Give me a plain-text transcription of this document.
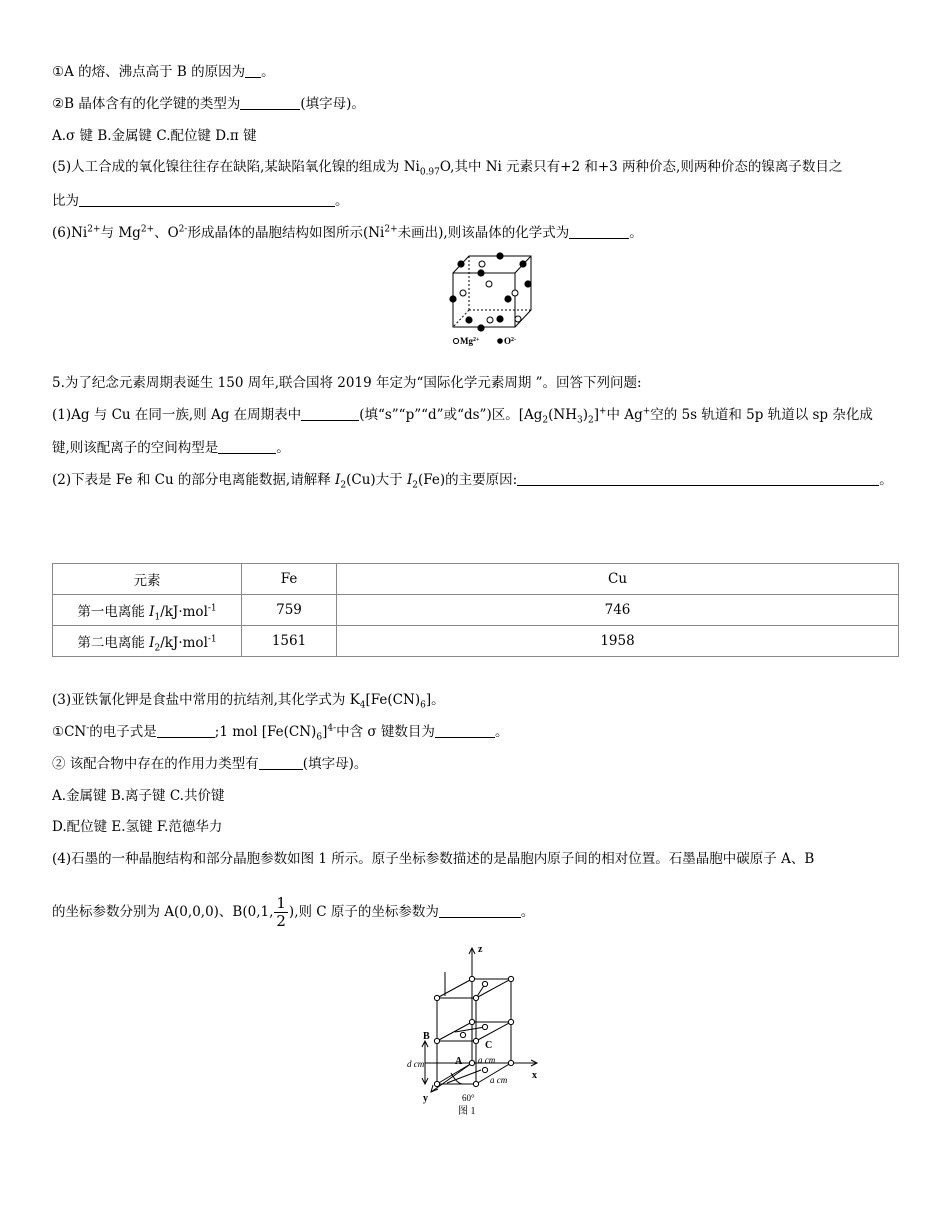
①A 的熔、沸点高于 B 的原因为 。
②B 晶体含有的化学键的类型为	(填字母)。
A.σ 键 B.金属键 C.配位键 D.π 键
(5)人工合成的氧化镍往往存在缺陷,某缺陷氧化镍的组成为 $Ni_{0.97}O$,其中 Ni 元素只有+2 和+3 两种价态,则两种价态的镍离子数目之
比为	。
$(6)Ni^{2+}$与 $Mg^{2+}$、$O^{2-}$形成晶体的晶胞结构如图所示($Ni^{2+}$未画出),则该晶体的化学式为	。
$Mg^{2+}$	$O^{2-}$
5.为了纪念元素周期表诞生 150 周年,联合国将 2019 年定为“国际化学元素周期 ”。回答下列问题:
(1)Ag 与 Cu 在同一族,则 Ag 在周期表中	(填“s”“p”“d”或“ds”)区。$[Ag_2(NH_3)_2]^+$中 Ag+空的 5s 轨道和 5p 轨道以 sp 杂化成
键,则该配离子的空间构型是	。
(2)下表是 Fe 和 Cu 的部分电离能数据,请解释 $I_2(Cu)$大于 $I_2(Fe)$的主要原因:	。
元素	Fe	Cu
第一电离能 $I_1/kJ\cdot mol^{-1}$	759	746
第二电离能 $I_2/kJ\cdot mol^{-1}$	1561	1958
(3)亚铁氰化钾是食盐中常用的抗结剂,其化学式为 $K_4[Fe(CN)_6]$。
①CN-的电子式是	;1 mol $[Fe(CN)_6]^{4-}$中含 σ 键数目为	。
② 该配合物中存在的作用力类型有	(填字母)。
A.金属键 B.离子键 C.共价键
D.配位键 E.氢键 F.范德华力
(4)石墨的一种晶胞结构和部分晶胞参数如图 1 所示。原子坐标参数描述的是晶胞内原子间的相对位置。石墨晶胞中碳原子 A、B
的坐标参数分别为 A(0,0,0)、B(0,1, $\frac{1}{2}$ ),则 C 原子的坐标参数为	。
z
x
y
B
A
C
d cm	a cm
a cm
60°
图 1
